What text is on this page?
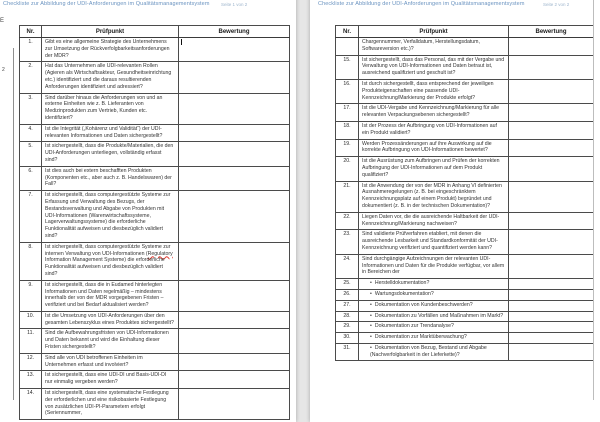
Checkliste zur Abbildung der UDI-Anforderungen im Qualitätsmanagementsystem	Seite 1 von 2
Nr.	Prüfpunkt	Bewertung
1.	Gibt es eine allgemeine Strategie des Unternehmens zur Umsetzung der Rückverfolgbarkeitsanforderungen der MDR?	
2.	Hat das Unternehmen alle UDI-relevanten Rollen (Agieren als Wirtschaftsakteur, Gesundheitseinrichtung etc.) identifiziert und die daraus resultierenden Anforderungen identifiziert und adressiert?	
3.	Sind darüber hinaus die Anforderungen von und an externe Einheiten wie z. B. Lieferanten von Medizinprodukten zum Vertrieb, Kunden etc. identifiziert?	
4.	Ist die Integrität („Kohärenz und Validität“) der UDI-relevanten Informationen und Daten sichergestellt?	
5.	Ist sichergestellt, dass die Produkte/Materialien, die den UDI-Anforderungen unterliegen, vollständig erfasst sind?	
6.	Ist dies auch bei extern beschafften Produkten (Komponenten etc., aber auch z. B. Handelswaren) der Fall?	
7.	Ist sichergestellt, dass computergestützte Systeme zur Erfassung und Verwaltung des Bezugs, der Bestandsverwaltung und Abgabe von Produkten mit UDI-Informationen (Warenwirtschaftssysteme, Lagerverwaltungssysteme) die erforderliche Funktionalität aufweisen und diesbezüglich validiert sind?	
8.	Ist sichergestellt, dass computergestützte Systeme zur internen Verwaltung von UDI-Informationen (Regulatory Information Management Systeme) die erforderliche Funktionalität aufweisen und diesbezüglich validiert sind?	
9.	Ist sichergestellt, dass die in Eudamed hinterlegten Informationen und Daten regelmäßig – mindestens innerhalb der von der MDR vorgegebenen Fristen – verifiziert und bei Bedarf aktualisiert werden?	
10.	Ist die Umsetzung von UDI-Anforderungen über den gesamten Lebenszyklus eines Produktes sichergestellt?	
11.	Sind die Aufbewahrungsfristen von UDI-Informationen und Daten bekannt und wird die Einhaltung dieser Fristen sichergestellt?	
12.	Sind alle von UDI betroffenen Einheiten im Unternehmen erfasst und involviert?	
13.	Ist sichergestellt, dass eine UDI-DI und Basis-UDI-DI nur einmalig vergeben werden?	
14.	Ist sichergestellt, dass eine systematische Festlegung der erforderlichen und eine risikobasierte Festlegung von zusätzlichen UDI-PI-Parametern erfolgt (Seriennummer,	
Checkliste zur Abbildung der UDI-Anforderungen im Qualitätsmanagementsystem	Seite 2 von 2
Nr.	Prüfpunkt	Bewertung
	Chargennummer, Verfalldatum, Herstellungsdatum, Softwareversion etc.)?	
15.	Ist sichergestellt, dass das Personal, das mit der Vergabe und Verwaltung von UDI-Informationen und Daten betraut ist, ausreichend qualifiziert und geschult ist?	
16.	Ist durch sichergestellt, dass entsprechend der jeweiligen Produkteigenschaften eine passende UDI-Kennzeichnung/Markierung der Produkte erfolgt?	
17.	Ist die UDI-Vergabe und Kennzeichnung/Markierung für alle relevanten Verpackungsebenen sichergestellt?	
18.	Ist der Prozess der Aufbringung von UDI-Informationen auf ein Produkt validiert?	
19.	Werden Prozessänderungen auf ihre Auswirkung auf die korrekte Aufbringung von UDI-Informationen bewertet?	
20.	Ist die Ausrüstung zum Aufbringen und Prüfen der korrekten Aufbringung der UDI-Informationen auf dem Produkt qualifiziert?	
21.	Ist die Anwendung der von der MDR in Anhang VI definierten Ausnahmeregelungen (z. B. bei eingeschränktem Kennzeichnungsplatz auf einem Produkt) begründet und dokumentiert (z. B. in der technischen Dokumentation)?	
22.	Liegen Daten vor, die die ausreichende Haltbarkeit der UDI-Kennzeichnung/Markierung nachweisen?	
23.	Sind validierte Prüfverfahren etabliert, mit denen die ausreichende Lesbarkeit und Standardkonformität der UDI-Kennzeichnung verifiziert und quantifiziert werden kann?	
24.	Sind durchgängige Aufzeichnungen der relevanten UDI-Informationen und Daten für die Produkte verfügbar, vor allem in Bereichen der	
25.	• Herstelldokumentation?	
26.	• Wartungsdokumentation?	
27.	• Dokumentation von Kundenbeschwerden?	
28.	• Dokumentation zu Vorfällen und Maßnahmen im Markt?	
29.	• Dokumentation zur Trendanalyse?	
30.	• Dokumentation zur Marktüberwachung?	
31.	• Dokumentation von Bezug, Bestand und Abgabe (Nachverfolgbarkeit in der Lieferkette)?	
E
2
